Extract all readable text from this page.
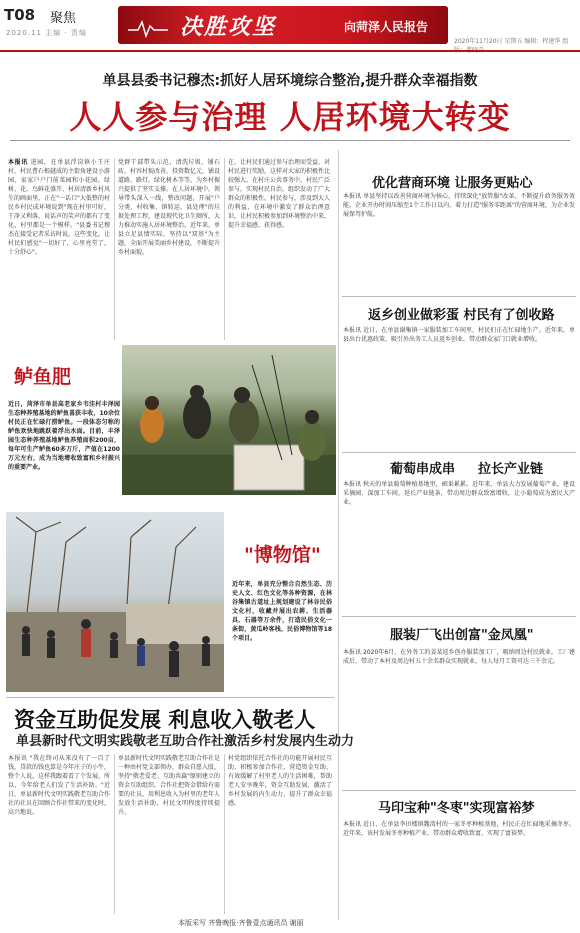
T08 聚焦
2020.11 主编 · 责编	决胜攻坚	向菏泽人民报告
2020年11月20日 星期五 编辑：程建华 组
单县县委书记穆杰:抓好人居环境综合整治,提升群众幸福指数
人人参与治理 人居环境大转变
本报讯 进园，在单县浮岗镇小王庄村，村民曹石根越成的主街角建设小游园、家家户户门前菜园和小花园。绿树、花、鸟鲜花盛开、村居清新乡村风生的画面里，正在"一话口"大低整的村民乡村民成环境说到"现在村里可好，干净又利落，说话声的笑声的都有了变化，村里都是一个模样。"县委书记穆杰在接受记者采访时说，这些变化，让村民们感觉"一切好了，心里亮堂了，十分舒心"。
党群干部带头示范，清洗垃圾、铺石砖，村容村貌改善，投资数亿元，铺设道路、路灯，绿化树木等等，为乡村振兴提供了坚实支撑。在人居环境中，领导带头深入一线，整改问题，开展"户分类、村收集、镇转运、县处理"的垃圾处理工程，建设现代化卫生厕所，大力推动实施人居环境整治。近年来，单县立足县情实际，坚持以"双基"为主题，全面开展美丽乡村建设，不断提升乡村面貌。
在，让村民们通过参与治理而受益、对村民进行奖励，这样对大家的积极性比较强大。在村庄公共事务中，村民广泛参与，实现村民自治。组织发动了广大群众的积极性，村民参与，涉及到大人的利益，在环境中激发了群众治理意识，让村民积极参加到环境整治中来，提升幸福感、获得感。
鲈鱼肥
近日，菏泽市单县高老家乡韦洼村丰泽园生态种养殖基地的鲈鱼喜获丰收，10余位村民正在忙碌打捞鲈鱼。一段体态匀称的鲈鱼欢快地跳跃着浮出水面。目前，丰泽园生态种养殖基地鲈鱼养殖面积200亩，每年可生产鲈鱼60多万斤，产值在1200万元左右，成为当地增收致富和乡村振兴的重要产业。
"博物馆"
近年来，单县充分整合自然生态、历史人文、红色文化等各种资源，在林谷集镇古道址上规划建设了林谷民俗文化村，收藏并展出农耕、生活器具、石器等万余件，打造民俗文化一条街，黄瓜岭客栈、民俗博物馆等18个项目。
优化营商环境 让服务更贴心
本报讯 单县坚持以改善营商环境为核心，持续深化"放管服"改革，不断提升政务服务效能。企业开办时间压缩至1个工作日以内，着力打造"服务零距离"的营商环境，为企业发展保驾护航。
返乡创业做彩蛋 村民有了创收路
本报讯 近日，在单县谢集镇一家服装加工车间里，村民们正在忙碌地生产。近年来，单县出台优惠政策，吸引外出务工人员返乡创业，带动群众家门口就业增收。
葡萄串成串 拉长产业链
本报讯 秋天的单县葡萄种植基地里，硕果累累。近年来，单县大力发展葡萄产业，建设采摘园、深加工车间，延长产业链条，带动周边群众致富增收，让小葡萄成为富民大产业。
服装厂飞出创富"金凤凰"
本报讯 2020年6月，在外务工的姜某返乡创办服装加工厂，吸纳周边村民就业。工厂建成后，带动了本村及周边村五十余名群众实现就业，每人每月工资可达三千余元。
马印宝种"冬枣"实现富裕梦
本报讯 近日，在单县李田楼镇魏湾村的一家冬枣种植基地，村民正在忙碌地采摘冬枣。近年来，该村发展冬枣种植产业，带动群众增收致富，实现了富裕梦。
资金互助促发展 利息收入敬老人
单县新时代文明实践敬老互助合作社激活乡村发展内生动力
本报讯 "我在终司从来没有了一百了钱，贷款的钱也算是今年庄子的小牛，整个人说，这样我跟着看了个发展，所以，今年给老人们发了生活补助。"近日，单县新时代文明实践敬老互助合作社的社员在回顾合作社带来的变化时，高兴地说。
单县新时代文明实践敬老互助合作社是一种由村党支部领办，群众自愿入股，坚持"敬老爱老、互助共赢"原则建立的资金互助组织。合作社把资金借给有需要的社员，用利息收入为村里的老年人发放生活补助，村民文明程度持续提升。
村党组织依托合作社的功能开展村民互助、积极参加合作社，营造资金互助、有效缓解了村里老人的生活困难，帮助老人安享晚年，资金互助发展，激活了乡村发展的内生动力，提升了群众幸福感。
本版采写 齐鲁晚报·齐鲁壹点通讯员 谢丽
